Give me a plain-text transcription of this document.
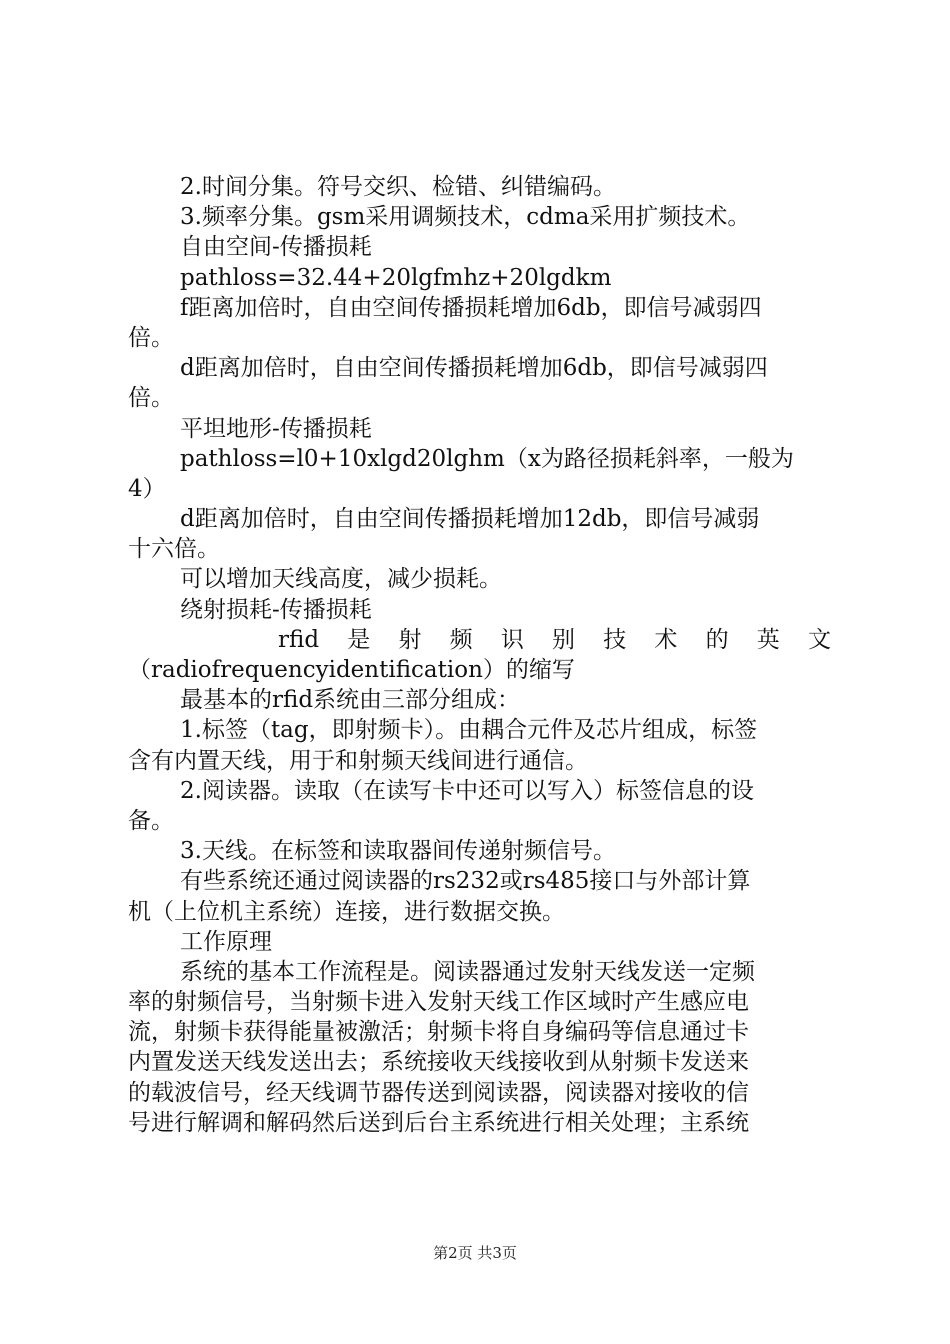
2.时间分集。符号交织、检错、纠错编码。
3.频率分集。gsm采用调频技术，cdma采用扩频技术。
自由空间-传播损耗
pathloss=32.44+20lgfmhz+20lgdkm
f距离加倍时，自由空间传播损耗增加6db，即信号减弱四
倍。
d距离加倍时，自由空间传播损耗增加6db，即信号减弱四
倍。
平坦地形-传播损耗
pathloss=l0+10xlgd20lghm（x为路径损耗斜率，一般为
4）
d距离加倍时，自由空间传播损耗增加12db，即信号减弱
十六倍。
可以增加天线高度，减少损耗。
绕射损耗-传播损耗
rfid 是 射 频 识 别 技 术 的 英 文
（radiofrequencyidentification）的缩写
最基本的rfid系统由三部分组成：
1.标签（tag，即射频卡）。由耦合元件及芯片组成，标签
含有内置天线，用于和射频天线间进行通信。
2.阅读器。读取（在读写卡中还可以写入）标签信息的设
备。
3.天线。在标签和读取器间传递射频信号。
有些系统还通过阅读器的rs232或rs485接口与外部计算
机（上位机主系统）连接，进行数据交换。
工作原理
系统的基本工作流程是。阅读器通过发射天线发送一定频
率的射频信号，当射频卡进入发射天线工作区域时产生感应电
流，射频卡获得能量被激活；射频卡将自身编码等信息通过卡
内置发送天线发送出去；系统接收天线接收到从射频卡发送来
的载波信号，经天线调节器传送到阅读器，阅读器对接收的信
号进行解调和解码然后送到后台主系统进行相关处理；主系统
第2页 共3页
